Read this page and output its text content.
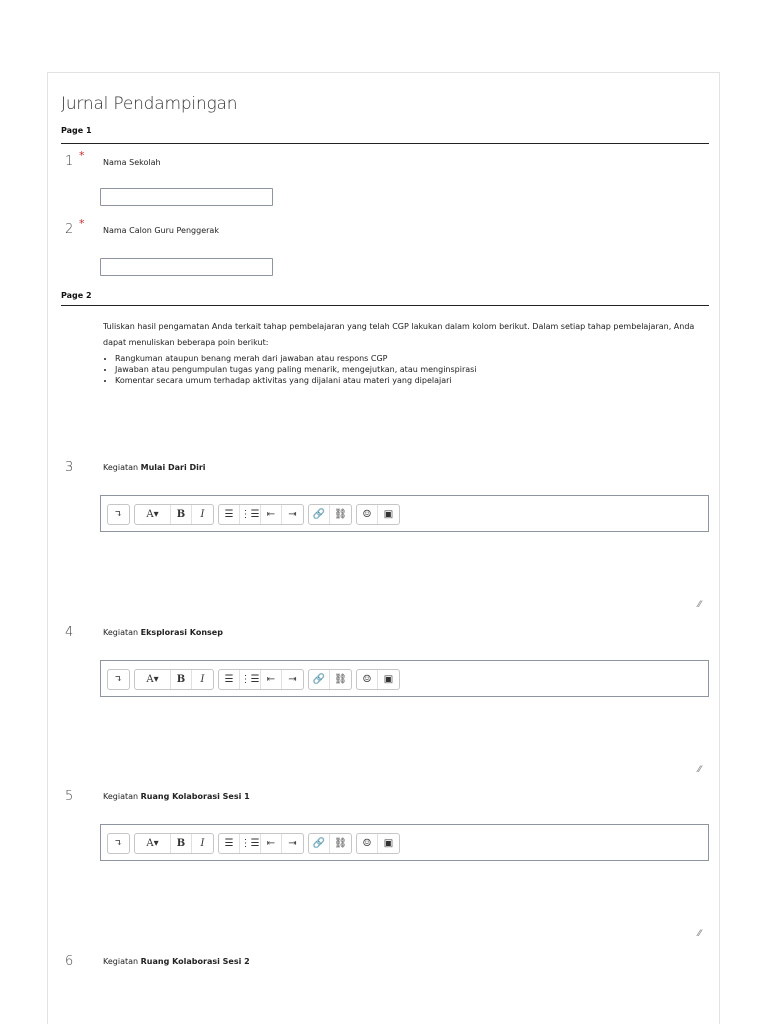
Jurnal Pendampingan
Page 1
1 *
Nama Sekolah
2 *
Nama Calon Guru Penggerak
Page 2
Tuliskan hasil pengamatan Anda terkait tahap pembelajaran yang telah CGP lakukan dalam kolom berikut. Dalam setiap tahap pembelajaran, Anda dapat menuliskan beberapa poin berikut:
• Rangkuman ataupun benang merah dari jawaban atau respons CGP
• Jawaban atau pengumpulan tugas yang paling menarik, mengejutkan, atau menginspirasi
• Komentar secara umum terhadap aktivitas yang dijalani atau materi yang dipelajari
3	Kegiatan Mulai Dari Diri
↴	A▾	B	I	☰ ⋮☰ ⇤	⇥	🔗 ⛓	☺	▣
⁄⁄
4	Kegiatan Eksplorasi Konsep
↴	A▾	B	I	☰ ⋮☰ ⇤	⇥	🔗 ⛓	☺	▣
⁄⁄
5	Kegiatan Ruang Kolaborasi Sesi 1
↴	A▾	B	I	☰ ⋮☰ ⇤	⇥	🔗 ⛓	☺	▣
⁄⁄
6	Kegiatan Ruang Kolaborasi Sesi 2
